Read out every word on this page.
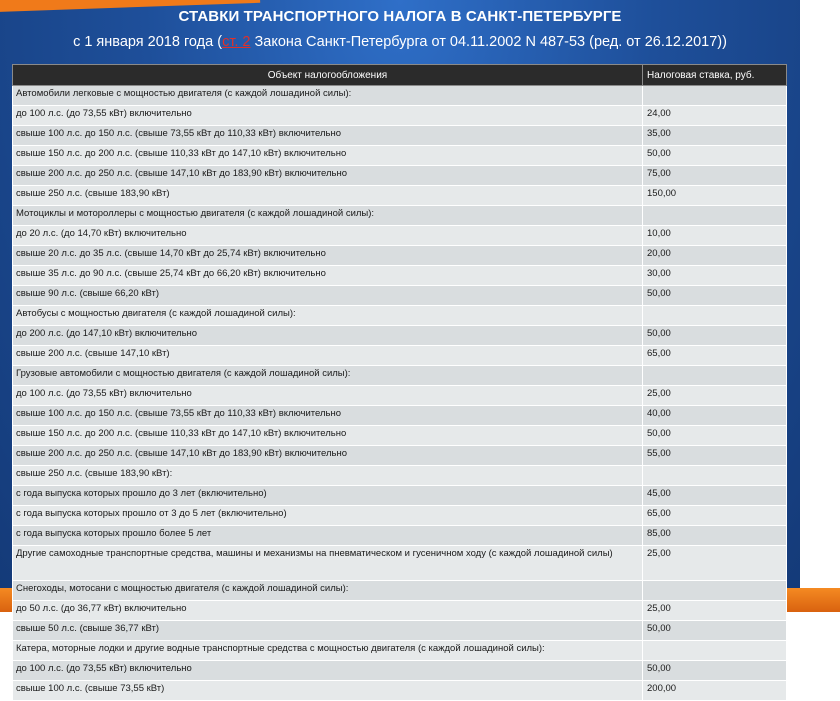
СТАВКИ ТРАНСПОРТНОГО НАЛОГА В САНКТ-ПЕТЕРБУРГЕ
с 1 января 2018 года (ст. 2 Закона Санкт-Петербурга от 04.11.2002 N 487-53 (ред. от 26.12.2017))
Объект налогообложения	Налоговая ставка, руб.
Автомобили легковые с мощностью двигателя (с каждой лошадиной силы):	
до 100 л.с. (до 73,55 кВт) включительно	24,00
свыше 100 л.с. до 150 л.с. (свыше 73,55 кВт до 110,33 кВт) включительно	35,00
свыше 150 л.с. до 200 л.с. (свыше 110,33 кВт до 147,10 кВт) включительно	50,00
свыше 200 л.с. до 250 л.с. (свыше 147,10 кВт до 183,90 кВт) включительно	75,00
свыше 250 л.с. (свыше 183,90 кВт)	150,00
Мотоциклы и мотороллеры с мощностью двигателя (с каждой лошадиной силы):	
до 20 л.с. (до 14,70 кВт) включительно	10,00
свыше 20 л.с. до 35 л.с. (свыше 14,70 кВт до 25,74 кВт) включительно	20,00
свыше 35 л.с. до 90 л.с. (свыше 25,74 кВт до 66,20 кВт) включительно	30,00
свыше 90 л.с. (свыше 66,20 кВт)	50,00
Автобусы с мощностью двигателя (с каждой лошадиной силы):	
до 200 л.с. (до 147,10 кВт) включительно	50,00
свыше 200 л.с. (свыше 147,10 кВт)	65,00
Грузовые автомобили с мощностью двигателя (с каждой лошадиной силы):	
до 100 л.с. (до 73,55 кВт) включительно	25,00
свыше 100 л.с. до 150 л.с. (свыше 73,55 кВт до 110,33 кВт) включительно	40,00
свыше 150 л.с. до 200 л.с. (свыше 110,33 кВт до 147,10 кВт) включительно	50,00
свыше 200 л.с. до 250 л.с. (свыше 147,10 кВт до 183,90 кВт) включительно	55,00
свыше 250 л.с. (свыше 183,90 кВт):	
с года выпуска которых прошло до 3 лет (включительно)	45,00
с года выпуска которых прошло от 3 до 5 лет (включительно)	65,00
с года выпуска которых прошло более 5 лет	85,00
Другие самоходные транспортные средства, машины и механизмы на пневматическом и гусеничном ходу (с каждой лошадиной силы)	25,00
Снегоходы, мотосани с мощностью двигателя (с каждой лошадиной силы):	
до 50 л.с. (до 36,77 кВт) включительно	25,00
свыше 50 л.с. (свыше 36,77 кВт)	50,00
Катера, моторные лодки и другие водные транспортные средства с мощностью двигателя (с каждой лошадиной силы):	
до 100 л.с. (до 73,55 кВт) включительно	50,00
свыше 100 л.с. (свыше 73,55 кВт)	200,00
